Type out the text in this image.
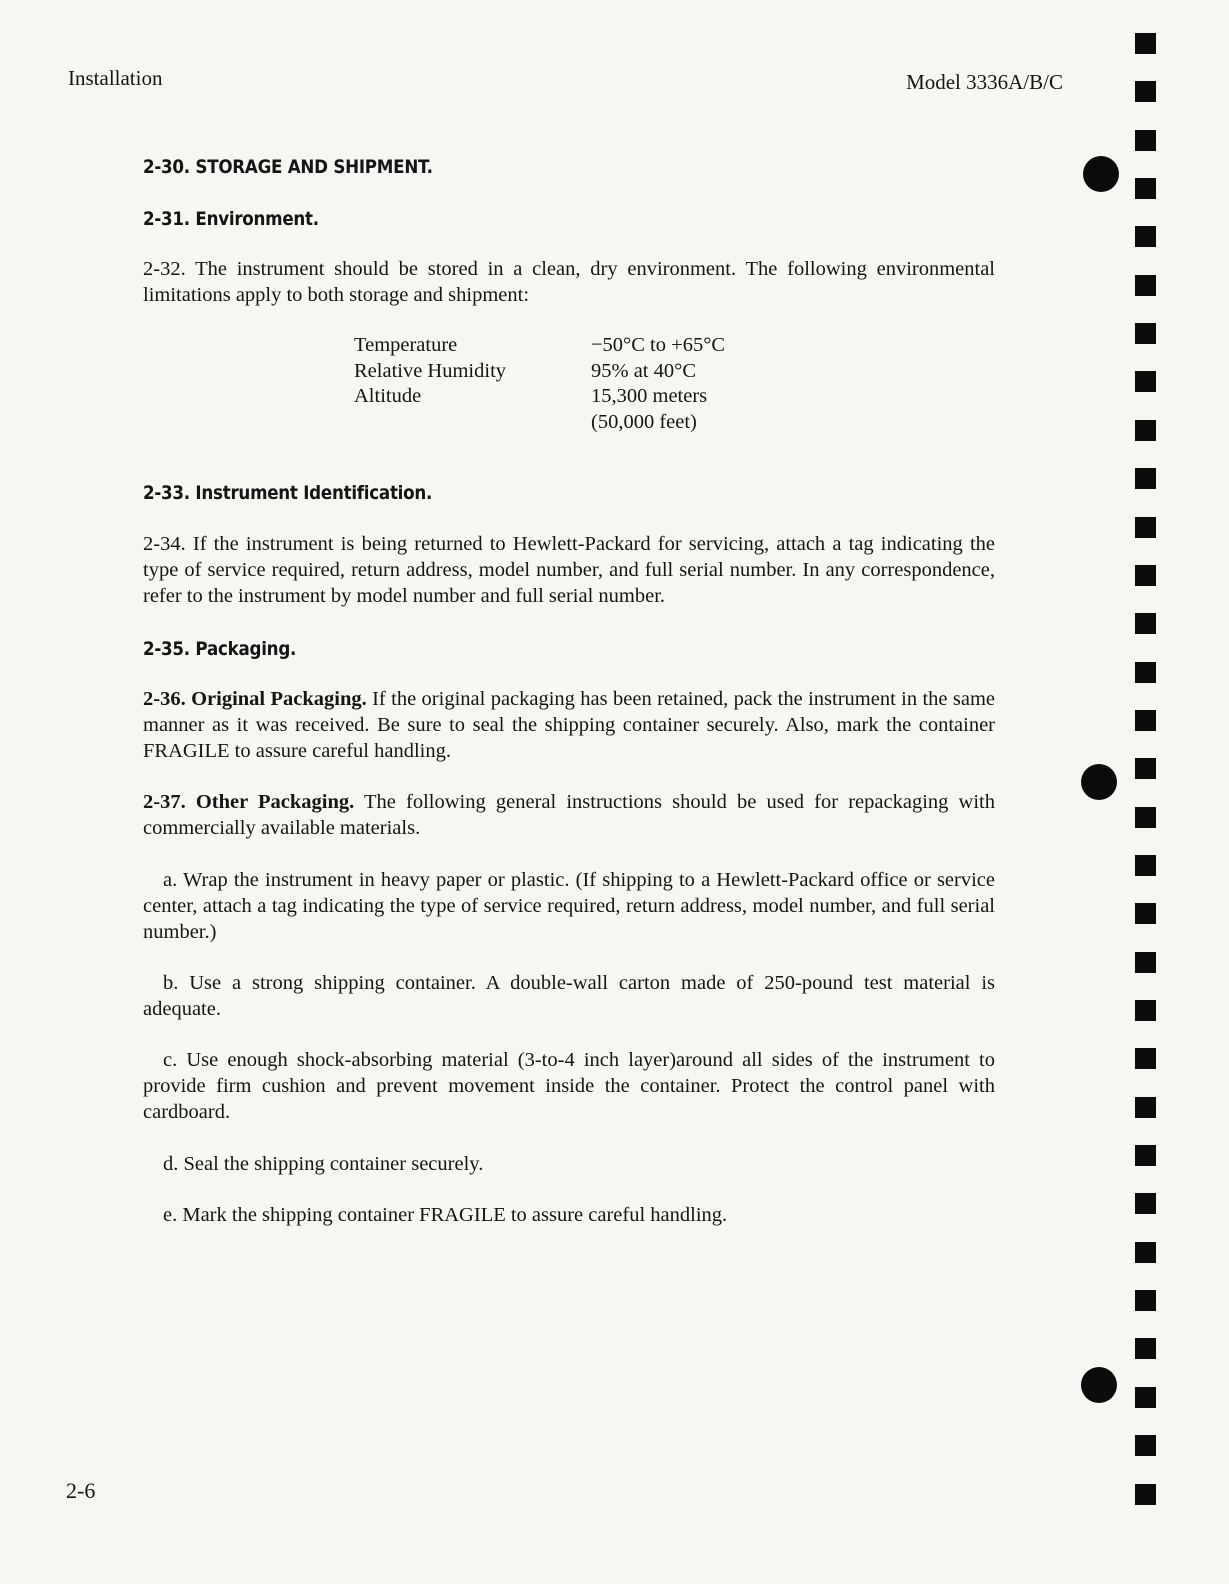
Installation	Model 3336A/B/C
2-30. STORAGE AND SHIPMENT.
2-31. Environment.
2-32. The instrument should be stored in a clean, dry environment. The following environmental limitations apply to both storage and shipment:
Temperature	−50°C to +65°C
Relative Humidity	95% at 40°C
Altitude	15,300 meters
	(50,000 feet)
2-33. Instrument Identification.
2-34. If the instrument is being returned to Hewlett-Packard for servicing, attach a tag indicating the type of service required, return address, model number, and full serial number. In any correspondence, refer to the instrument by model number and full serial number.
2-35. Packaging.
2-36. Original Packaging. If the original packaging has been retained, pack the instrument in the same manner as it was received. Be sure to seal the shipping container securely. Also, mark the container FRAGILE to assure careful handling.
2-37. Other Packaging. The following general instructions should be used for repackaging with commercially available materials.
a. Wrap the instrument in heavy paper or plastic. (If shipping to a Hewlett-Packard office or service center, attach a tag indicating the type of service required, return address, model number, and full serial number.)
b. Use a strong shipping container. A double-wall carton made of 250-pound test material is adequate.
c. Use enough shock-absorbing material (3-to-4 inch layer)around all sides of the instrument to provide firm cushion and prevent movement inside the container. Protect the control panel with cardboard.
d. Seal the shipping container securely.
e. Mark the shipping container FRAGILE to assure careful handling.
2-6
